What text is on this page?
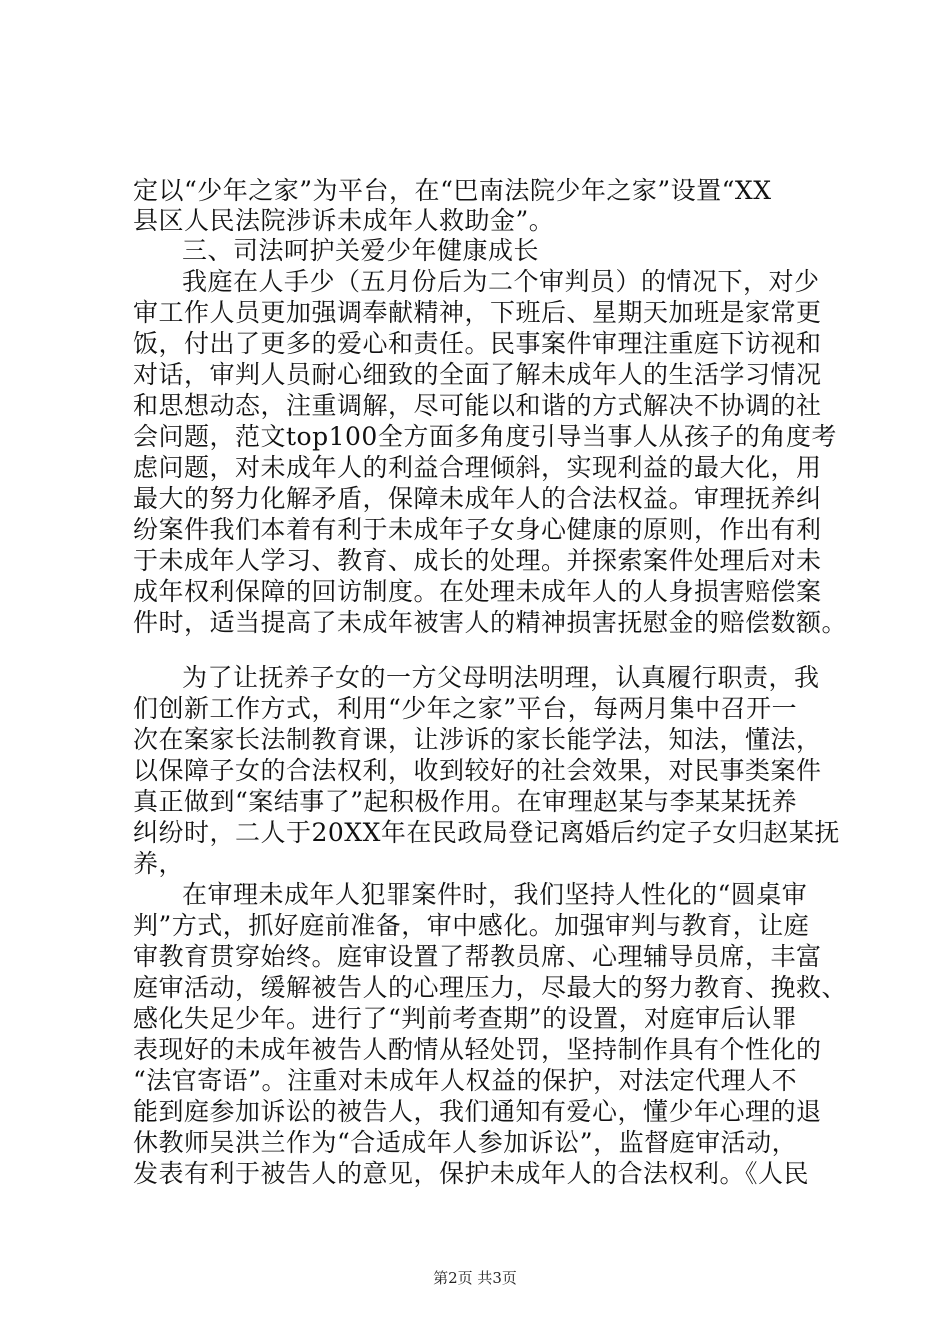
定以“少年之家”为平台，在“巴南法院少年之家”设置“XX
县区人民法院涉诉未成年人救助金”。
三、司法呵护关爱少年健康成长
我庭在人手少（五月份后为二个审判员）的情况下，对少
审工作人员更加强调奉献精神，下班后、星期天加班是家常更
饭，付出了更多的爱心和责任。民事案件审理注重庭下访视和
对话，审判人员耐心细致的全面了解未成年人的生活学习情况
和思想动态，注重调解，尽可能以和谐的方式解决不协调的社
会问题，范文top100全方面多角度引导当事人从孩子的角度考
虑问题，对未成年人的利益合理倾斜，实现利益的最大化，用
最大的努力化解矛盾，保障未成年人的合法权益。审理抚养纠
纷案件我们本着有利于未成年子女身心健康的原则，作出有利
于未成年人学习、教育、成长的处理。并探索案件处理后对未
成年权利保障的回访制度。在处理未成年人的人身损害赔偿案
件时，适当提高了未成年被害人的精神损害抚慰金的赔偿数额。
为了让抚养子女的一方父母明法明理，认真履行职责，我
们创新工作方式，利用“少年之家”平台，每两月集中召开一
次在案家长法制教育课，让涉诉的家长能学法，知法，懂法，
以保障子女的合法权利，收到较好的社会效果，对民事类案件
真正做到“案结事了”起积极作用。在审理赵某与李某某抚养
纠纷时，二人于20XX年在民政局登记离婚后约定子女归赵某抚
养，
在审理未成年人犯罪案件时，我们坚持人性化的“圆桌审
判”方式，抓好庭前准备，审中感化。加强审判与教育，让庭
审教育贯穿始终。庭审设置了帮教员席、心理辅导员席，丰富
庭审活动，缓解被告人的心理压力，尽最大的努力教育、挽救、
感化失足少年。进行了“判前考查期”的设置，对庭审后认罪
表现好的未成年被告人酌情从轻处罚，坚持制作具有个性化的
“法官寄语”。注重对未成年人权益的保护，对法定代理人不
能到庭参加诉讼的被告人，我们通知有爱心，懂少年心理的退
休教师吴洪兰作为“合适成年人参加诉讼”，监督庭审活动，
发表有利于被告人的意见，保护未成年人的合法权利。《人民
第2页 共3页
